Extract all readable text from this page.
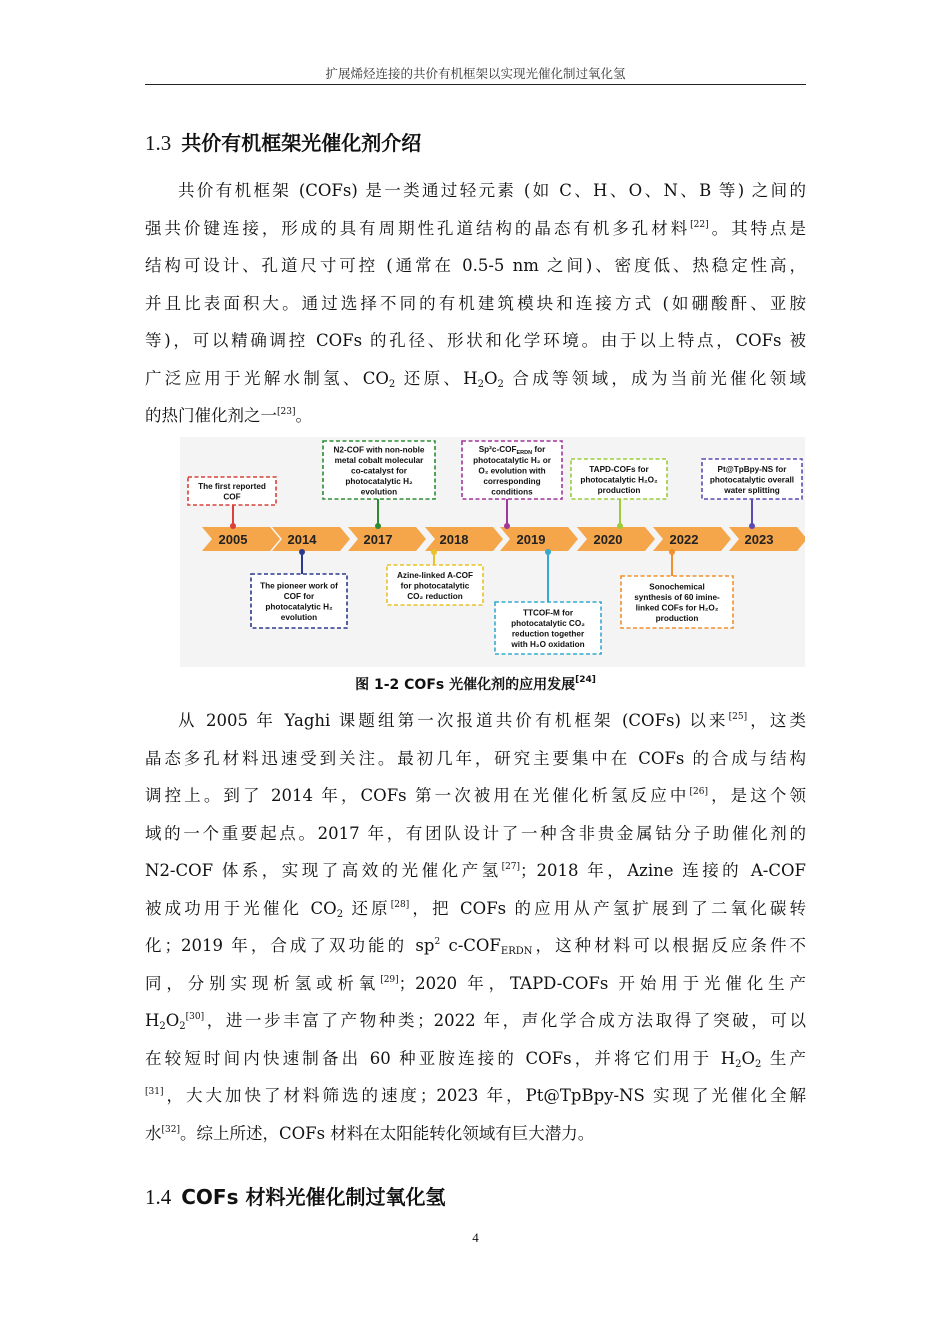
扩展烯烃连接的共价有机框架以实现光催化制过氧化氢
1.3 共价有机框架光催化剂介绍
共价有机框架 (COFs) 是一类通过轻元素 (如 C、H、O、N、B 等) 之间的
强共价键连接，形成的具有周期性孔道结构的晶态有机多孔材料[22]。其特点是
结构可设计、孔道尺寸可控 (通常在 0.5-5 nm 之间)、密度低、热稳定性高，
并且比表面积大。通过选择不同的有机建筑模块和连接方式 (如硼酸酐、亚胺
等)，可以精确调控 COFs 的孔径、形状和化学环境。由于以上特点，COFs 被
广泛应用于光解水制氢、$CO_2$ 还原、$H_2O_2$ 合成等领域，成为当前光催化领域
的热门催化剂之一[23]。
2005	2014	2017	2018	2019	2020	2022	2023
The first reported
COF
The pioneer work of
COF for
photocatalytic H₂
evolution
N2-COF with non-noble
metal cobalt molecular
co-catalyst for
photocatalytic H₂
evolution
Azine-linked A-COF
for photocatalytic
CO₂ reduction
Sp²c-$COF_{ERDN}$ for
photocatalytic H₂ or
O₂ evolution with
corresponding
conditions
TTCOF-M for
photocatalytic CO₂
reduction together
with H₂O oxidation
TAPD-COFs for
photocatalytic H₂O₂
production
Sonochemical
synthesis of 60 imine-
linked COFs for H₂O₂
production
Pt@TpBpy-NS for
photocatalytic overall
water splitting
图 1-2 COFs 光催化剂的应用发展[24]
从 2005 年 Yaghi 课题组第一次报道共价有机框架 (COFs) 以来[25]，这类
晶态多孔材料迅速受到关注。最初几年，研究主要集中在 COFs 的合成与结构
调控上。到了 2014 年，COFs 第一次被用在光催化析氢反应中[26]，是这个领
域的一个重要起点。2017 年，有团队设计了一种含非贵金属钴分子助催化剂的
N2-COF 体系，实现了高效的光催化产氢[27]；2018 年，Azine 连接的 A-COF
被成功用于光催化 $CO_2$ 还原[28]，把 COFs 的应用从产氢扩展到了二氧化碳转
化；2019 年，合成了双功能的 $sp^2$ $c-COF_{ERDN}$，这种材料可以根据反应条件不
同，分别实现析氢或析氧[29]；2020 年，TAPD-COFs 开始用于光催化生产
$H_2O_2[30]$，进一步丰富了产物种类；2022 年，声化学合成方法取得了突破，可以
在较短时间内快速制备出 60 种亚胺连接的 COFs，并将它们用于 $H_2O_2$ 生产
[31]，大大加快了材料筛选的速度；2023 年，Pt@TpBpy-NS 实现了光催化全解
水[32]。综上所述，COFs 材料在太阳能转化领域有巨大潜力。
1.4 COFs 材料光催化制过氧化氢
4
